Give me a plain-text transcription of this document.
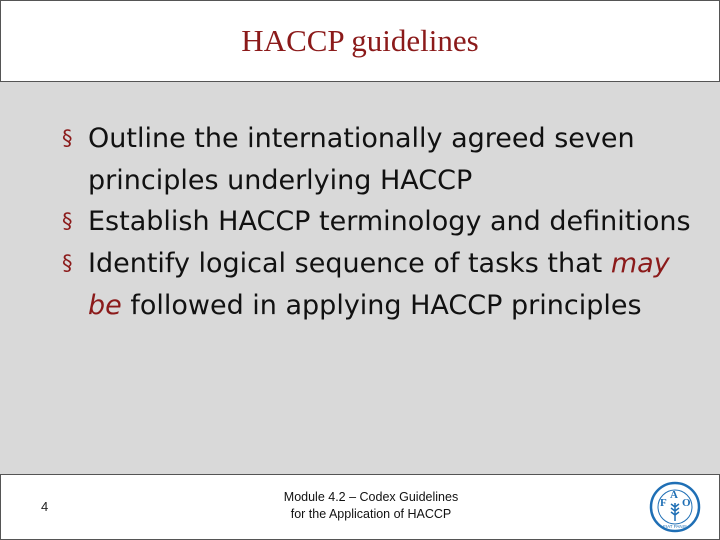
HACCP guidelines
§ Outline the internationally agreed seven principles underlying HACCP
§ Establish HACCP terminology and definitions
§ Identify logical sequence of tasks that may be followed in applying HACCP principles
4
Module 4.2 – Codex Guidelines
for the Application of HACCP
F
A
O
FIAT PANIS
